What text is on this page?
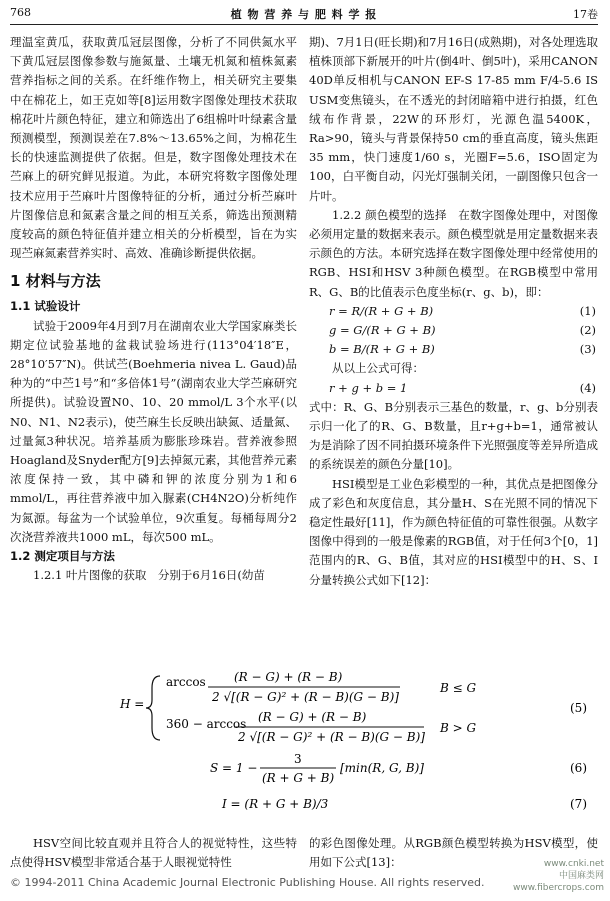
768	植 物 营 养 与 肥 料 学 报	17卷

理温室黄瓜，获取黄瓜冠层图像，分析了不同供氮水平下黄瓜冠层图像参数与施氮量、土壤无机氮和植株氮素营养指标之间的关系。在纤维作物上，相关研究主要集中在棉花上，如王克如等[8]运用数字图像处理技术获取棉花叶片颜色特征，建立和筛选出了6组棉叶叶绿素含量预测模型，预测误差在7.8%～13.65%之间，为棉花生长的快速监测提供了依据。但是，数字图像处理技术在苎麻上的研究鲜见报道。为此，本研究将数字图像处理技术应用于苎麻叶片图像特征的分析，通过分析苎麻叶片图像信息和氮素含量之间的相互关系，筛选出预测精度较高的颜色特征值并建立相关的分析模型，旨在为实现苎麻氮素营养实时、高效、准确诊断提供依据。

1 材料与方法
1.1 试验设计

试验于2009年4月到7月在湖南农业大学国家麻类长期定位试验基地的盆栽试验场进行(113°04′18″E，28°10′57″N)。供试苎(Boehmeria nivea L. Gaud)品种为的“中苎1号”和“多倍体1号”(湖南农业大学苎麻研究所提供)。试验设置N0、10、20 mmol/L 3个水平(以N0、N1、N2表示)，使苎麻生长反映出缺氮、适量氮、过量氮3种状况。培养基质为膨胀珍珠岩。营养液参照Hoagland及Snyder配方[9]去掉氮元素，其他营养元素浓度保持一致，其中磷和钾的浓度分别为1和6 mmol/L，再往营养液中加入脲素(CH4N2O)分析纯作为氮源。每盆为一个试验单位，9次重复。每桶每周分2次浇营养液共1000 mL，每次500 mL。

1.2 测定项目与方法

1.2.1 叶片图像的获取　分别于6月16日(幼苗

期)、7月1日(旺长期)和7月16日(成熟期)，对各处理选取植株顶部下新展开的叶片(倒4叶、倒5叶)，采用CANON 40D单反相机与CANON EF-S 17-85 mm F/4-5.6 IS USM变焦镜头，在不透光的封闭暗箱中进行拍摄，红色绒布作背景，22W的环形灯，光源色温5400K，Ra>90，镜头与背景保持50 cm的垂直高度，镜头焦距35 mm，快门速度1/60 s，光圈F=5.6，ISO固定为100，白平衡自动，闪光灯强制关闭，一副图像只包含一片叶。

1.2.2 颜色模型的选择　在数字图像处理中，对图像必须用定量的数据来表示。颜色模型就是用定量数据来表示颜色的方法。本研究选择在数字图像处理中经常使用的RGB、HSI和HSV 3种颜色模型。在RGB模型中常用R、G、B的比值表示色度坐标(r、g、b)，即：

r = R/(R + G + B)	(1)
g = G/(R + G + B)	(2)
b = B/(R + G + B)	(3)

从以上公式可得：

r + g + b = 1	(4)

式中：R、G、B分别表示三基色的数量，r、g、b分别表示归一化了的R、G、B数量，且r+g+b=1，通常被认为是消除了因不同拍摄环境条件下光照强度等差异所造成的系统误差的颜色分量[10]。

HSI模型是工业色彩模型的一种，其优点是把图像分成了彩色和灰度信息，其分量H、S在光照不同的情况下稳定性最好[11]，作为颜色特征值的可靠性很强。从数字图像中得到的一般是像素的RGB值，对于任何3个[0，1]范围内的R、G、B值，其对应的HSI模型中的H、S、I分量转换公式如下[12]：

H =
arccos (R − G) + (R − B)
2 √[(R − G)² + (R − B)(G − B)]
B ≤ G
360 − arccos (R − G) + (R − B)
2 √[(R − G)² + (R − B)(G − B)]
B > G
(5)
S = 1 −
3
(R + G + B)
[min(R, G, B)]	(6)
I = (R + G + B)/3	(7)

HSV空间比较直观并且符合人的视觉特性，这些特点使得HSV模型非常适合基于人眼视觉特性

的彩色图像处理。从RGB颜色模型转换为HSV模型，使用如下公式[13]：	www.cnki.net
中国麻类网
www.fibercrops.com
© 1994-2011 China Academic Journal Electronic Publishing House. All rights reserved.
